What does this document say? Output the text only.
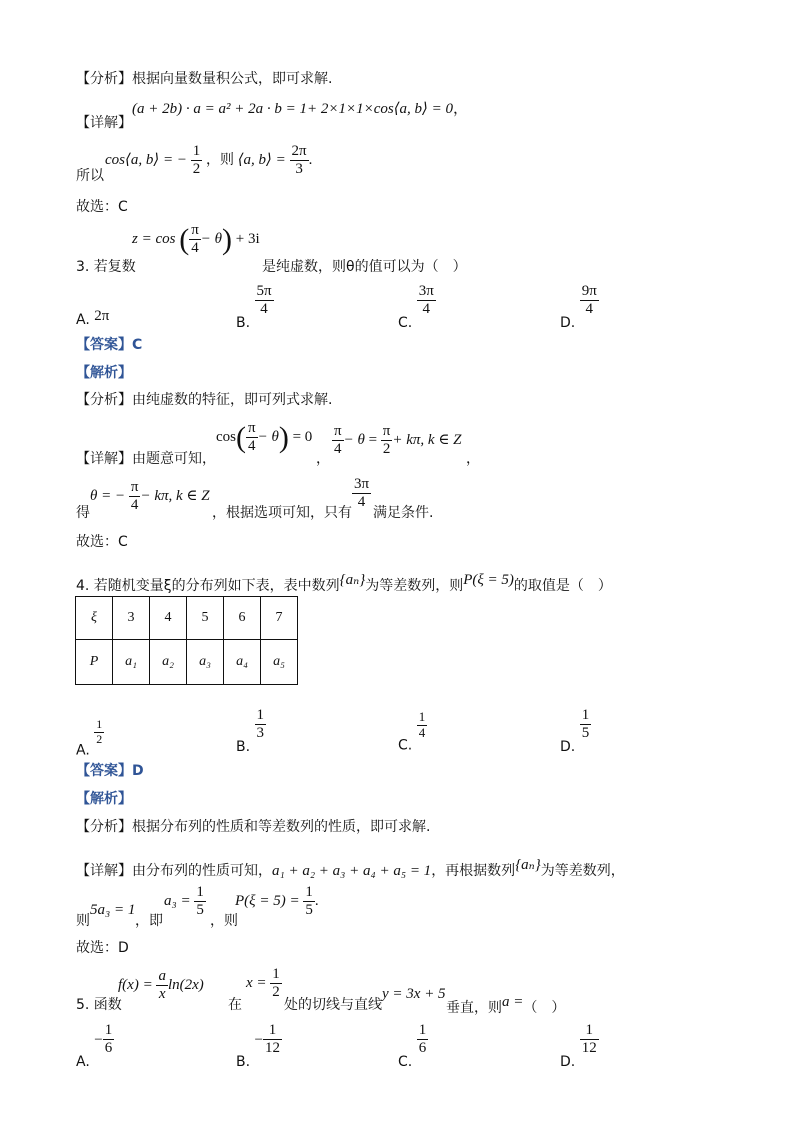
【分析】根据向量数量积公式，即可求解.
【详解】
(a + 2b) · a = a² + 2a · b = 1+ 2×1×1×cos⟨a, b⟩ = 0，
所以
cos⟨a, b⟩ = − $\frac{1}{2}$ ，则 ⟨a, b⟩ = $\frac{2\pi}{3}$ .
故选：C
3. 若复数
z = cos ( $\frac{\pi}{4} - \theta) + 3i$
是纯虚数，则θ的值可以为（　）
A. 2π	B.
$\frac{5\pi}{4}$
C.
$\frac{3\pi}{4}$
D.
$\frac{9\pi}{4}$
【答案】C
【解析】
【分析】由纯虚数的特征，即可列式求解.
【详解】由题意可知，
$\cos( \frac{\pi}{4} - \theta) = 0$
，
$\frac{\pi}{4} - \theta = \frac{\pi}{2} + k\pi$, k ∈ Z
，
得
θ = − $\frac{\pi}{4} - k\pi$, k ∈ Z
，根据选项可知，只有
$\frac{3\pi}{4}$
满足条件.
故选：C
4. 若随机变量ξ的分布列如下表，表中数列{aₙ}为等差数列，则P(ξ = 5)的取值是（　）
ξ	3	4	5	6	7
P	a₁	a₂	a₃	a₄	a₅
A.
$\frac{1}{2}$
B.
$\frac{1}{3}$
C.
$\frac{1}{4}$
D.
$\frac{1}{5}$
【答案】D
【解析】
【分析】根据分布列的性质和等差数列的性质，即可求解.
【详解】由分布列的性质可知，a₁ + a₂ + a₃ + a₄ + a₅ = 1，再根据数列{aₙ}为等差数列，
则
5a₃ = 1
，即
$a_3 = \frac{1}{5}$
，则
$P(\xi = 5) = \frac{1}{5}$ .
故选：D
5. 函数
$f(x) = \frac{a}{x} \ln(2x)$
在
$x = \frac{1}{2}$
处的切线与直线
y = 3x + 5
垂直，则a =（　）
A. − $\frac{1}{6}$
B. − $\frac{1}{12}$
C.
$\frac{1}{6}$
D.
$\frac{1}{12}$
